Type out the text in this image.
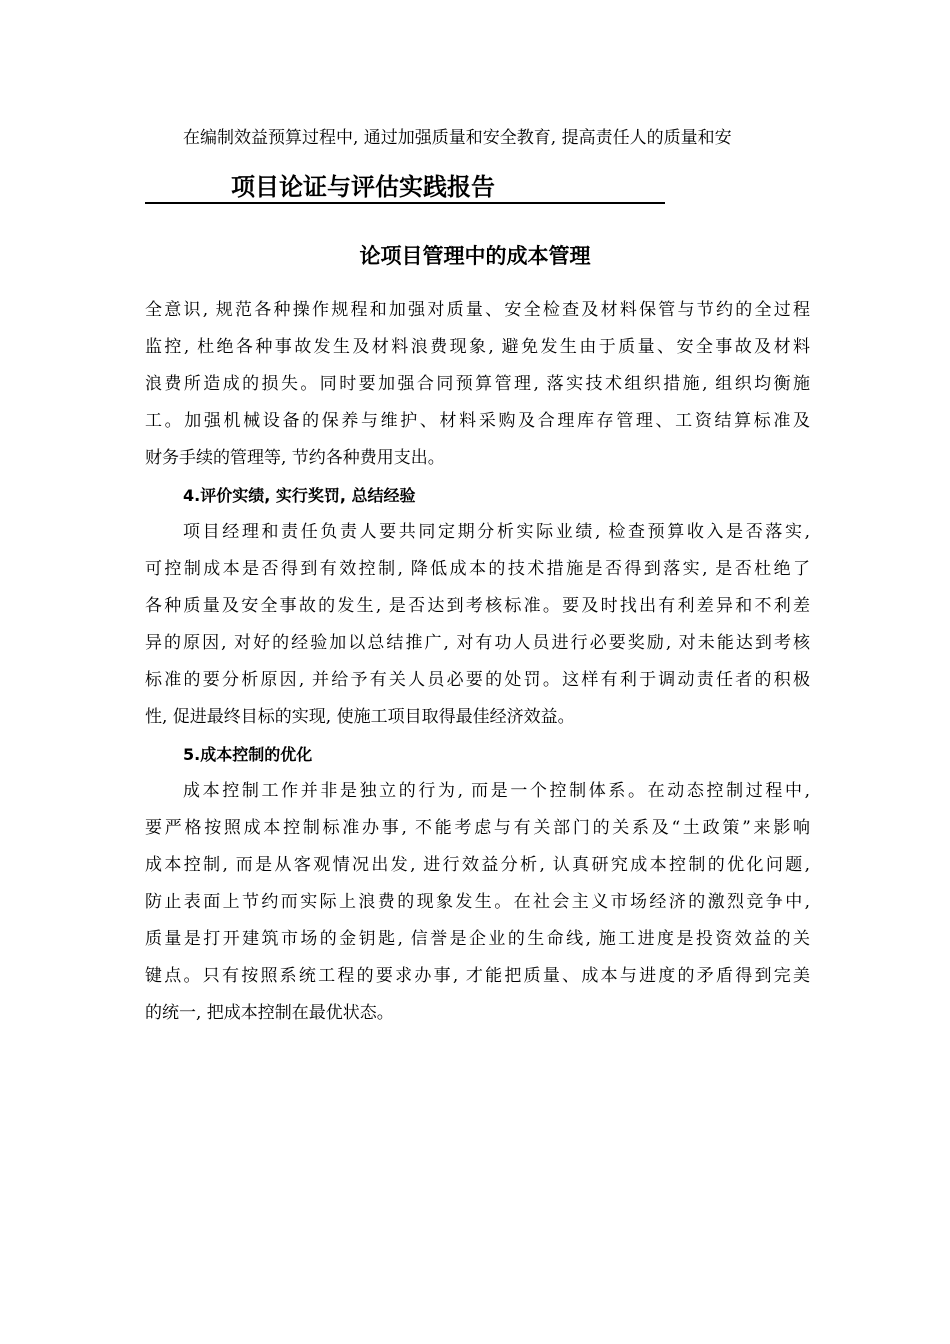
在编制效益预算过程中, 通过加强质量和安全教育, 提高责任人的质量和安
项目论证与评估实践报告
论项目管理中的成本管理
全意识, 规范各种操作规程和加强对质量、安全检查及材料保管与节约的全过程
监控, 杜绝各种事故发生及材料浪费现象, 避免发生由于质量、安全事故及材料
浪费所造成的损失。同时要加强合同预算管理, 落实技术组织措施, 组织均衡施
工。加强机械设备的保养与维护、材料采购及合理库存管理、工资结算标准及
财务手续的管理等, 节约各种费用支出。
4.评价实绩, 实行奖罚, 总结经验
项目经理和责任负责人要共同定期分析实际业绩, 检查预算收入是否落实,
可控制成本是否得到有效控制, 降低成本的技术措施是否得到落实, 是否杜绝了
各种质量及安全事故的发生, 是否达到考核标准。要及时找出有利差异和不利差
异的原因, 对好的经验加以总结推广, 对有功人员进行必要奖励, 对未能达到考核
标准的要分析原因, 并给予有关人员必要的处罚。这样有利于调动责任者的积极
性, 促进最终目标的实现, 使施工项目取得最佳经济效益。
5.成本控制的优化
成本控制工作并非是独立的行为, 而是一个控制体系。在动态控制过程中,
要严格按照成本控制标准办事, 不能考虑与有关部门的关系及“土政策”来影响
成本控制, 而是从客观情况出发, 进行效益分析, 认真研究成本控制的优化问题,
防止表面上节约而实际上浪费的现象发生。在社会主义市场经济的激烈竞争中,
质量是打开建筑市场的金钥匙, 信誉是企业的生命线, 施工进度是投资效益的关
键点。只有按照系统工程的要求办事, 才能把质量、成本与进度的矛盾得到完美
的统一, 把成本控制在最优状态。
